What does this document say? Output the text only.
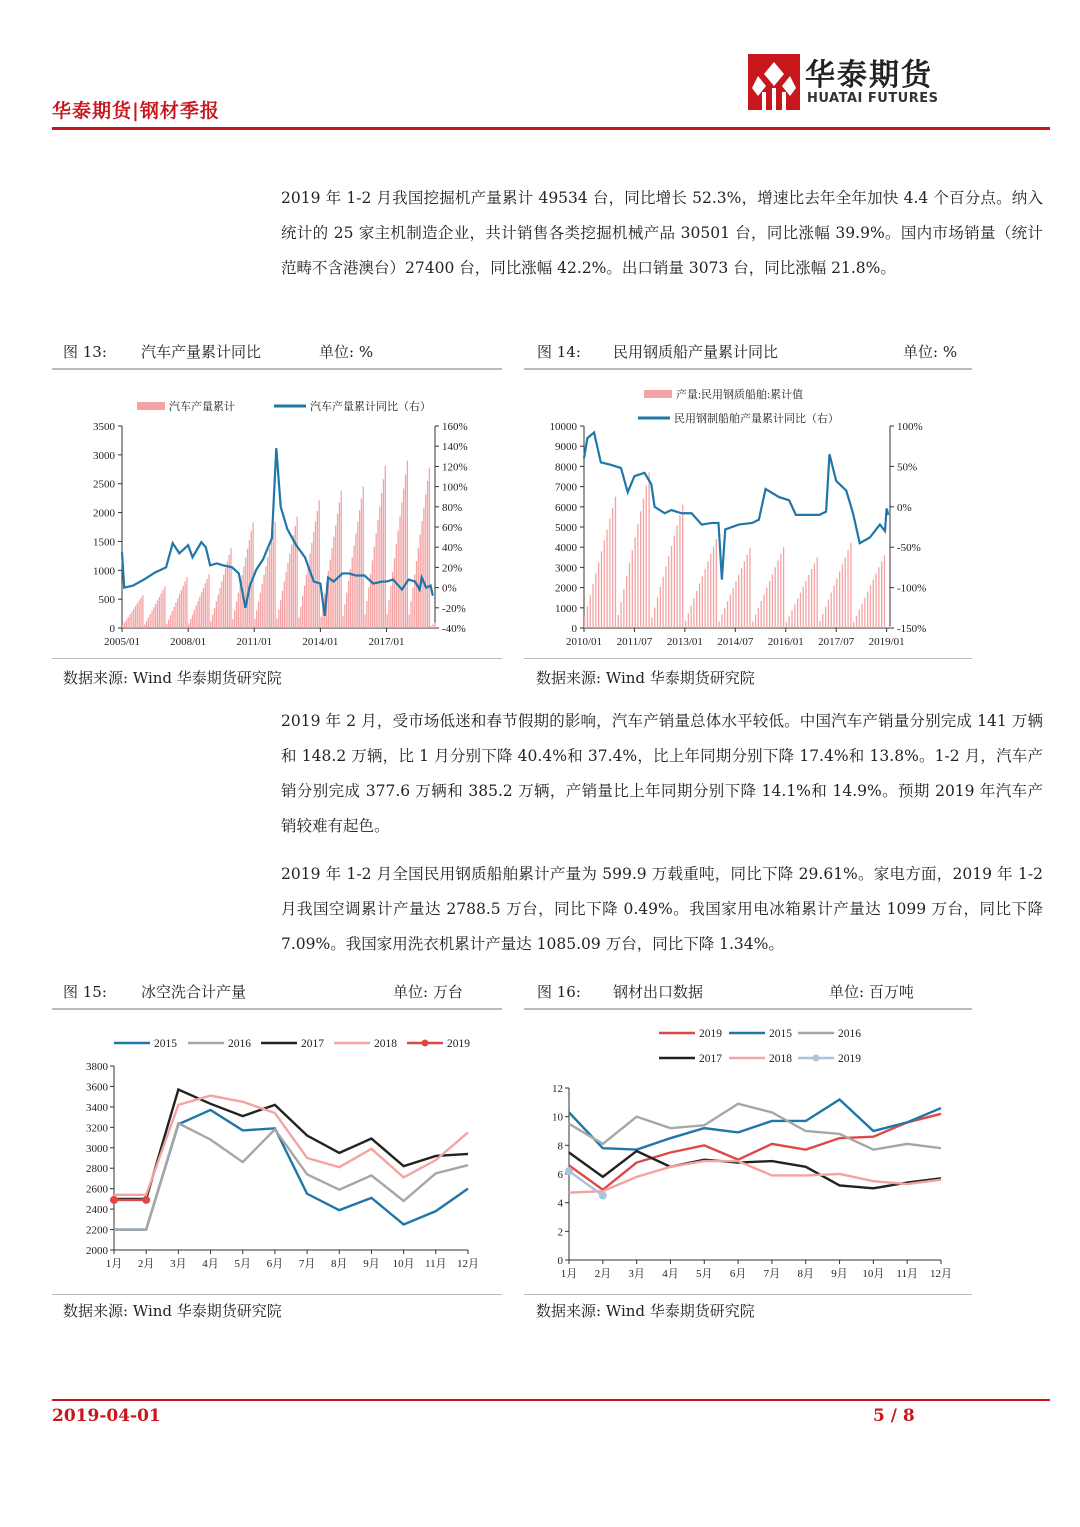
华泰期货
HUATAI FUTURES
华泰期货|钢材季报
2019 年 1-2 月我国挖掘机产量累计 49534 台，同比增长 52.3%，增速比去年全年加快 4.4 个百分点。纳入统计的 25 家主机制造企业，共计销售各类挖掘机械产品 30501 台，同比涨幅 39.9%。国内市场销量（统计范畴不含港澳台）27400 台，同比涨幅 42.2%。出口销量 3073 台，同比涨幅 21.8%。
图 13: 汽车产量累计同比	单位: %	图 14: 民用钢质船产量累计同比	单位: %
汽车产量累计	汽车产量累计同比（右）
0
500
1000
1500
2000
2500
3000
3500
-40%
-20%
0%
20%
40%
60%
80%
100%
120%
140%
160%
2005/01	2008/01	2011/01	2014/01	2017/01
产量:民用钢质船舶:累计值
民用钢制船舶产量累计同比（右）
0
1000
2000
3000
4000
5000
6000
7000
8000
9000
10000
-150%
-100%
-50%
0%
50%
100%
2010/01 2011/07 2013/01 2014/07 2016/01 2017/07 2019/01
数据来源: Wind 华泰期货研究院	数据来源: Wind 华泰期货研究院
2019 年 2 月，受市场低迷和春节假期的影响，汽车产销量总体水平较低。中国汽车产销量分别完成 141 万辆和 148.2 万辆，比 1 月分别下降 40.4%和 37.4%，比上年同期分别下降 17.4%和 13.8%。1-2 月，汽车产销分别完成 377.6 万辆和 385.2 万辆，产销量比上年同期分别下降 14.1%和 14.9%。预期 2019 年汽车产销较难有起色。
2019 年 1-2 月全国民用钢质船舶累计产量为 599.9 万载重吨，同比下降 29.61%。家电方面，2019 年 1-2 月我国空调累计产量达 2788.5 万台，同比下降 0.49%。我国家用电冰箱累计产量达 1099 万台，同比下降 7.09%。我国家用洗衣机累计产量达 1085.09 万台，同比下降 1.34%。
图 15: 冰空洗合计产量	单位: 万台	图 16: 钢材出口数据	单位: 百万吨
2000
2200
2400
2600
2800
3000
3200
3400
3600
3800
1月 2月 3月 4月 5月 6月 7月 8月 9月 10月 11月 12月
2015	2016	2017	2018	2019
0
2
4
6
8
10
12
1月 2月 3月 4月 5月 6月 7月 8月 9月 10月 11月 12月
2019	2015	2016
2017	2018	2019
数据来源: Wind 华泰期货研究院	数据来源: Wind 华泰期货研究院
2019-04-01	5 / 8
